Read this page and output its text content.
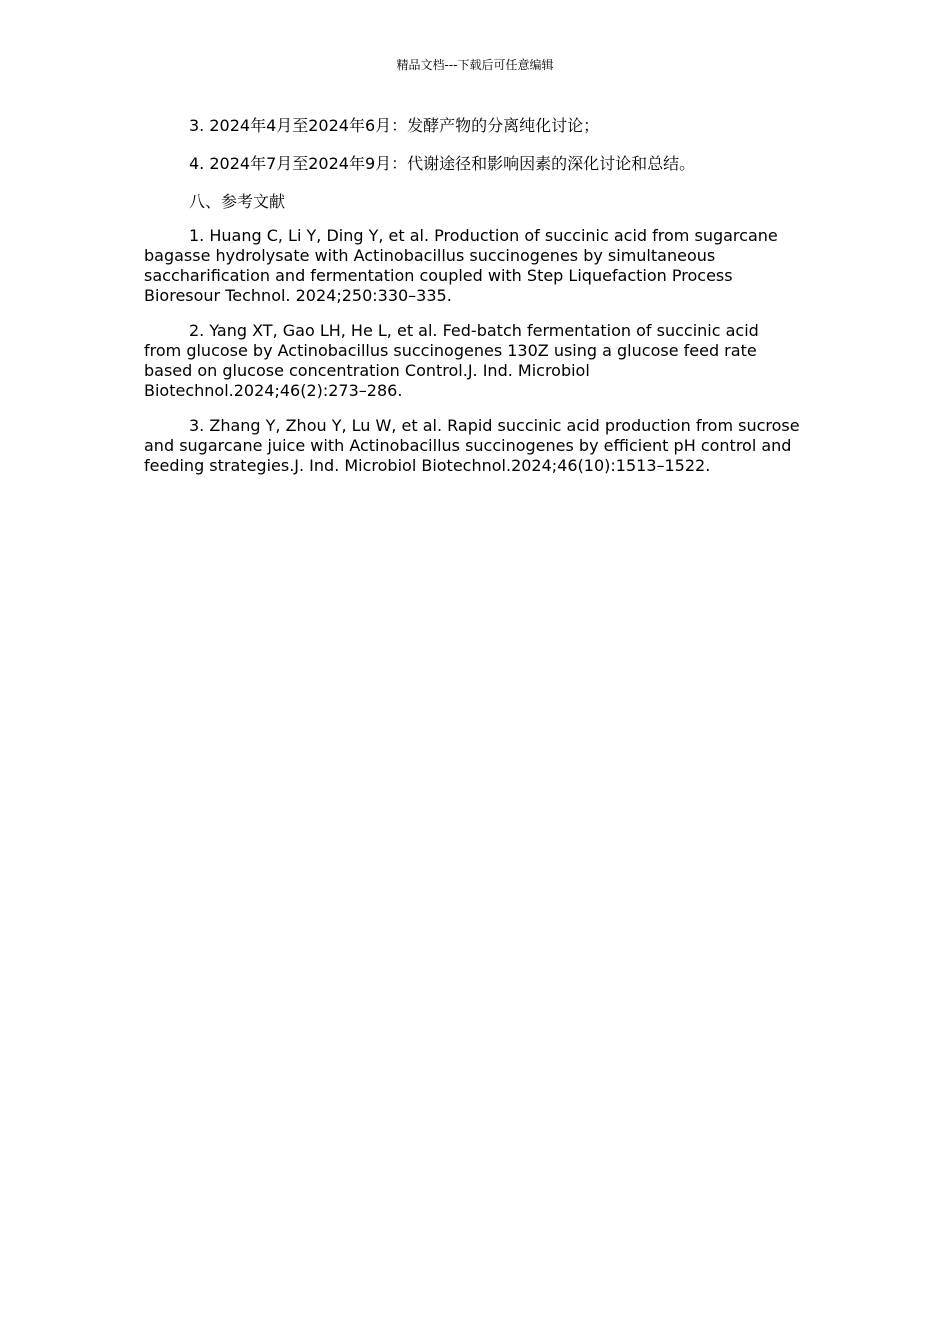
精品文档---下载后可任意编辑

3. 2024年4月至2024年6月：发酵产物的分离纯化讨论；

4. 2024年7月至2024年9月：代谢途径和影响因素的深化讨论和总结。

八、参考文献

1. Huang C, Li Y, Ding Y, et al. Production of succinic acid from sugarcane bagasse hydrolysate with Actinobacillus succinogenes by simultaneous saccharification and fermentation coupled with Step Liquefaction Process Bioresour Technol. 2024;250:330–335.

2. Yang XT, Gao LH, He L, et al. Fed-batch fermentation of succinic acid from glucose by Actinobacillus succinogenes 130Z using a glucose feed rate based on glucose concentration Control.J. Ind. Microbiol Biotechnol.2024;46(2):273–286.

3. Zhang Y, Zhou Y, Lu W, et al. Rapid succinic acid production from sucrose and sugarcane juice with Actinobacillus succinogenes by efficient pH control and feeding strategies.J. Ind. Microbiol Biotechnol.2024;46(10):1513–1522.
